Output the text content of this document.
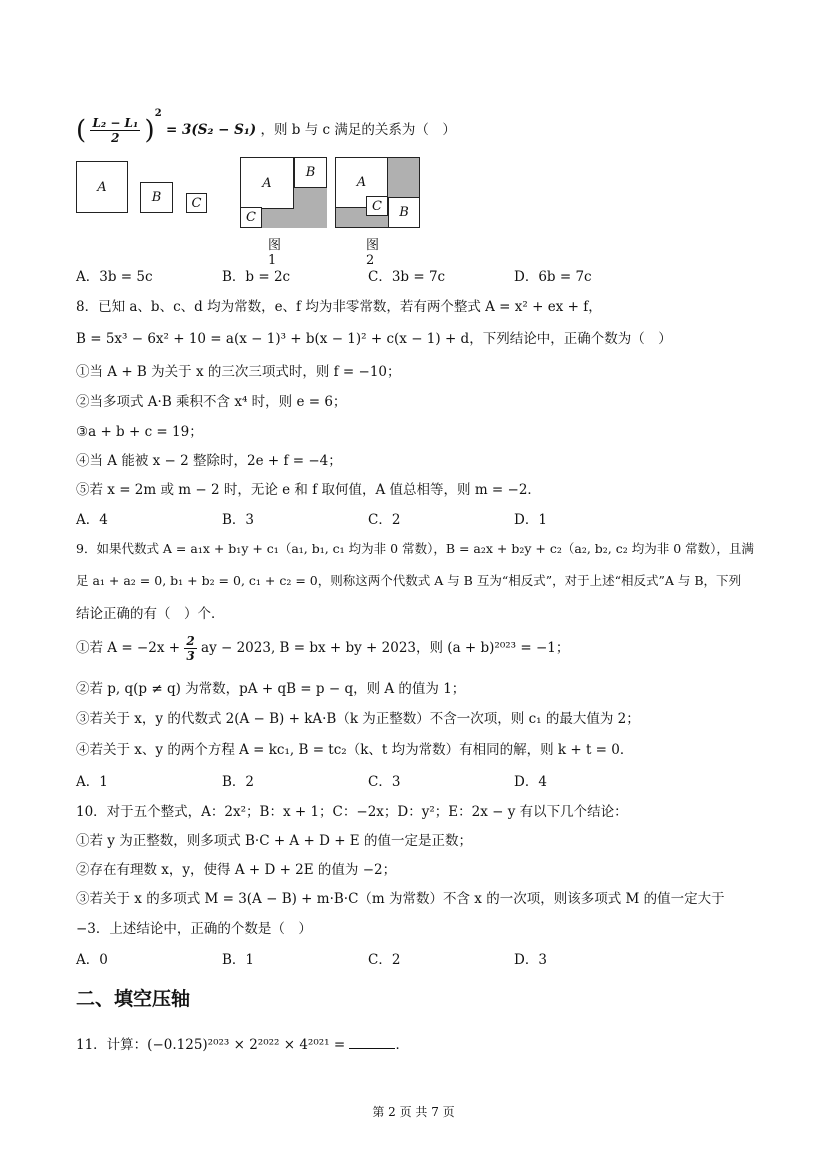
( $\frac{\text{L₂ − L₁}}{2} )^2 = 3(S_2 - S_1)$ ，则 b 与 c 满足的关系为（　）
A
B	C
A
B
C
图1
A
B
C
图2
A．3b = 5c	B．b = 2c	C．3b = 7c	D．6b = 7c
8．已知 a、b、c、d 均为常数，e、f 均为非零常数，若有两个整式 A = x² + ex + f，
B = 5x³ − 6x² + 10 = a(x − 1)³ + b(x − 1)² + c(x − 1) + d，下列结论中，正确个数为（　）
①当 A + B 为关于 x 的三次三项式时，则 f = −10；
②当多项式 A·B 乘积不含 x⁴ 时，则 e = 6；
③a + b + c = 19；
④当 A 能被 x − 2 整除时，2e + f = −4；
⑤若 x = 2m 或 m − 2 时，无论 e 和 f 取何值，A 值总相等，则 m = −2．
A．4	B．3	C．2	D．1
9．如果代数式 A = a₁x + b₁y + c₁（a₁, b₁, c₁ 均为非 0 常数），B = a₂x + b₂y + c₂（a₂, b₂, c₂ 均为非 0 常数），且满
足 a₁ + a₂ = 0, b₁ + b₂ = 0, c₁ + c₂ = 0，则称这两个代数式 A 与 B 互为“相反式”，对于上述“相反式”A 与 B，下列
结论正确的有（　）个．
①若 $A = -2x + \frac{2}{3}$ ay − 2023, B = bx + by + 2023，则 (a + b)²⁰²³ = −1；
②若 p, q(p ≠ q) 为常数，pA + qB = p − q，则 A 的值为 1；
③若关于 x，y 的代数式 2(A − B) + kA·B（k 为正整数）不含一次项，则 c₁ 的最大值为 2；
④若关于 x、y 的两个方程 A = kc₁, B = tc₂（k、t 均为常数）有相同的解，则 k + t = 0．
A．1	B．2	C．3	D．4
10．对于五个整式，A：2x²；B：x + 1；C：−2x；D：y²；E：2x − y 有以下几个结论：
①若 y 为正整数，则多项式 B·C + A + D + E 的值一定是正数；
②存在有理数 x，y，使得 A + D + 2E 的值为 −2；
③若关于 x 的多项式 M = 3(A − B) + m·B·C（m 为常数）不含 x 的一次项，则该多项式 M 的值一定大于
−3．上述结论中，正确的个数是（　）
A．0	B．1	C．2	D．3
二、填空压轴
11．计算：(−0.125)²⁰²³ × 2²⁰²² × 4²⁰²¹ =	．
第 2 页 共 7 页
